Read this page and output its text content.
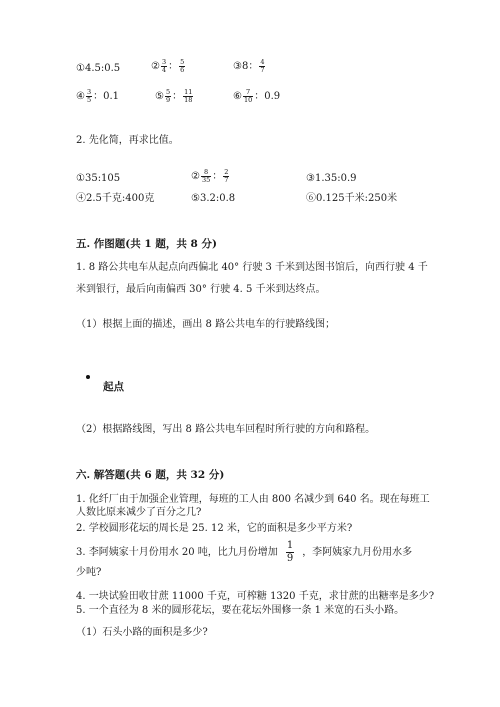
①4.5:0.5	② $\frac{3}{4}$ ： $\frac{5}{6}$	③8： $\frac{4}{7}$
④ $\frac{3}{5}$ ：0.1	⑤ $\frac{5}{9}$ ： $\frac{11}{18}$	⑥ $\frac{7}{10}$ ：0.9
2. 先化简，再求比值。
①35:105	② $\frac{8}{35}$ ： $\frac{2}{7}$	③1.35:0.9
④2.5千克:400克	⑤3.2:0.8	⑥0.125千米:250米
五. 作图题(共 1 题，共 8 分)
1. 8 路公共电车从起点向西偏北 40° 行驶 3 千米到达图书馆后，向西行驶 4 千
米到银行，最后向南偏西 30° 行驶 4. 5 千米到达终点。
（1）根据上面的描述，画出 8 路公共电车的行驶路线图；
起点
（2）根据路线图，写出 8 路公共电车回程时所行驶的方向和路程。
六. 解答题(共 6 题，共 32 分)
1. 化纤厂由于加强企业管理，每班的工人由 800 名减少到 640 名。现在每班工
人数比原来减少了百分之几?
2. 学校圆形花坛的周长是 25. 12 米，它的面积是多少平方米?
3. 李阿姨家十月份用水 20 吨，比九月份增加 $\frac{1}{9}$ ，李阿姨家九月份用水多
少吨?
4. 一块试验田收甘蔗 11000 千克，可榨糖 1320 千克，求甘蔗的出糖率是多少?
5. 一个直径为 8 米的圆形花坛，要在花坛外围修一条 1 米宽的石头小路。
（1）石头小路的面积是多少?
